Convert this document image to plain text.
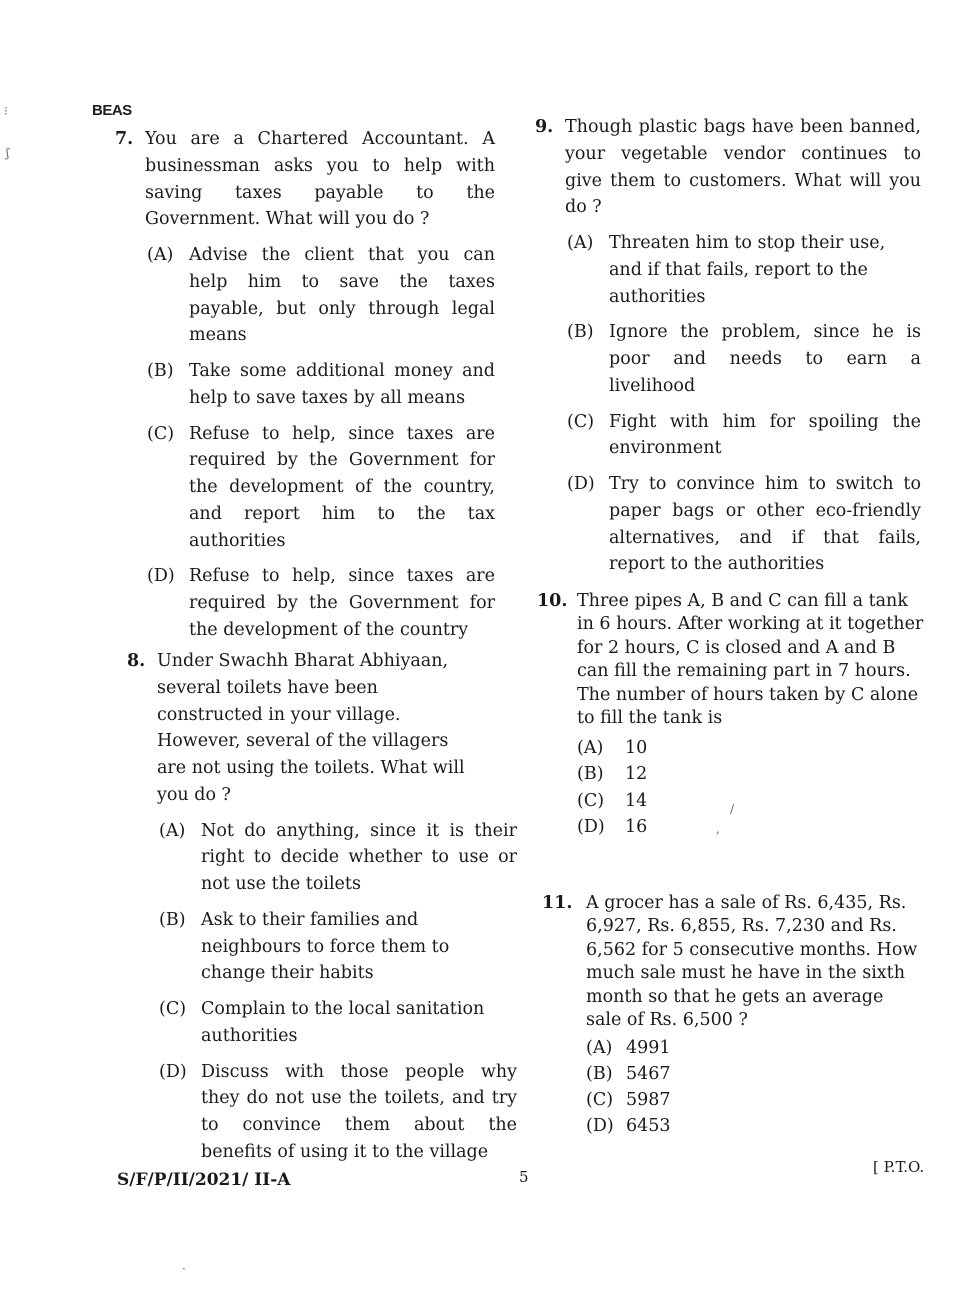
BEAS
7. You are a Chartered Accountant. A businessman asks you to help with saving taxes payable to the Government. What will you do ?
(A) Advise the client that you can help him to save the taxes payable, but only through legal means
(B) Take some additional money and help to save taxes by all means
(C) Refuse to help, since taxes are required by the Government for the development of the country, and report him to the tax authorities
(D) Refuse to help, since taxes are required by the Government for the development of the country
8. Under Swachh Bharat Abhiyaan, several toilets have been constructed in your village. However, several of the villagers are not using the toilets. What will you do ?
(A) Not do anything, since it is their right to decide whether to use or not use the toilets
(B) Ask to their families and neighbours to force them to change their habits
(C) Complain to the local sanitation authorities
(D) Discuss with those people why they do not use the toilets, and try to convince them about the benefits of using it to the village
9. Though plastic bags have been banned, your vegetable vendor continues to give them to customers. What will you do ?
(A) Threaten him to stop their use, and if that fails, report to the authorities
(B) Ignore the problem, since he is poor and needs to earn a livelihood
(C) Fight with him for spoiling the environment
(D) Try to convince him to switch to paper bags or other eco-friendly alternatives, and if that fails, report to the authorities
10. Three pipes A, B and C can fill a tank in 6 hours. After working at it together for 2 hours, C is closed and A and B can fill the remaining part in 7 hours. The number of hours taken by C alone to fill the tank is
(A)	10
(B)	12
(C)	14
(D)	16
11. A grocer has a sale of Rs. 6,435, Rs. 6,927, Rs. 6,855, Rs. 7,230 and Rs. 6,562 for 5 consecutive months. How much sale must he have in the sixth month so that he gets an average sale of Rs. 6,500 ?
(A) 4991
(B) 5467
(C) 5987
(D) 6453
⁝
ʃ
/
,
·
S/F/P/II/2021/ II-A	5
[ P.T.O.
